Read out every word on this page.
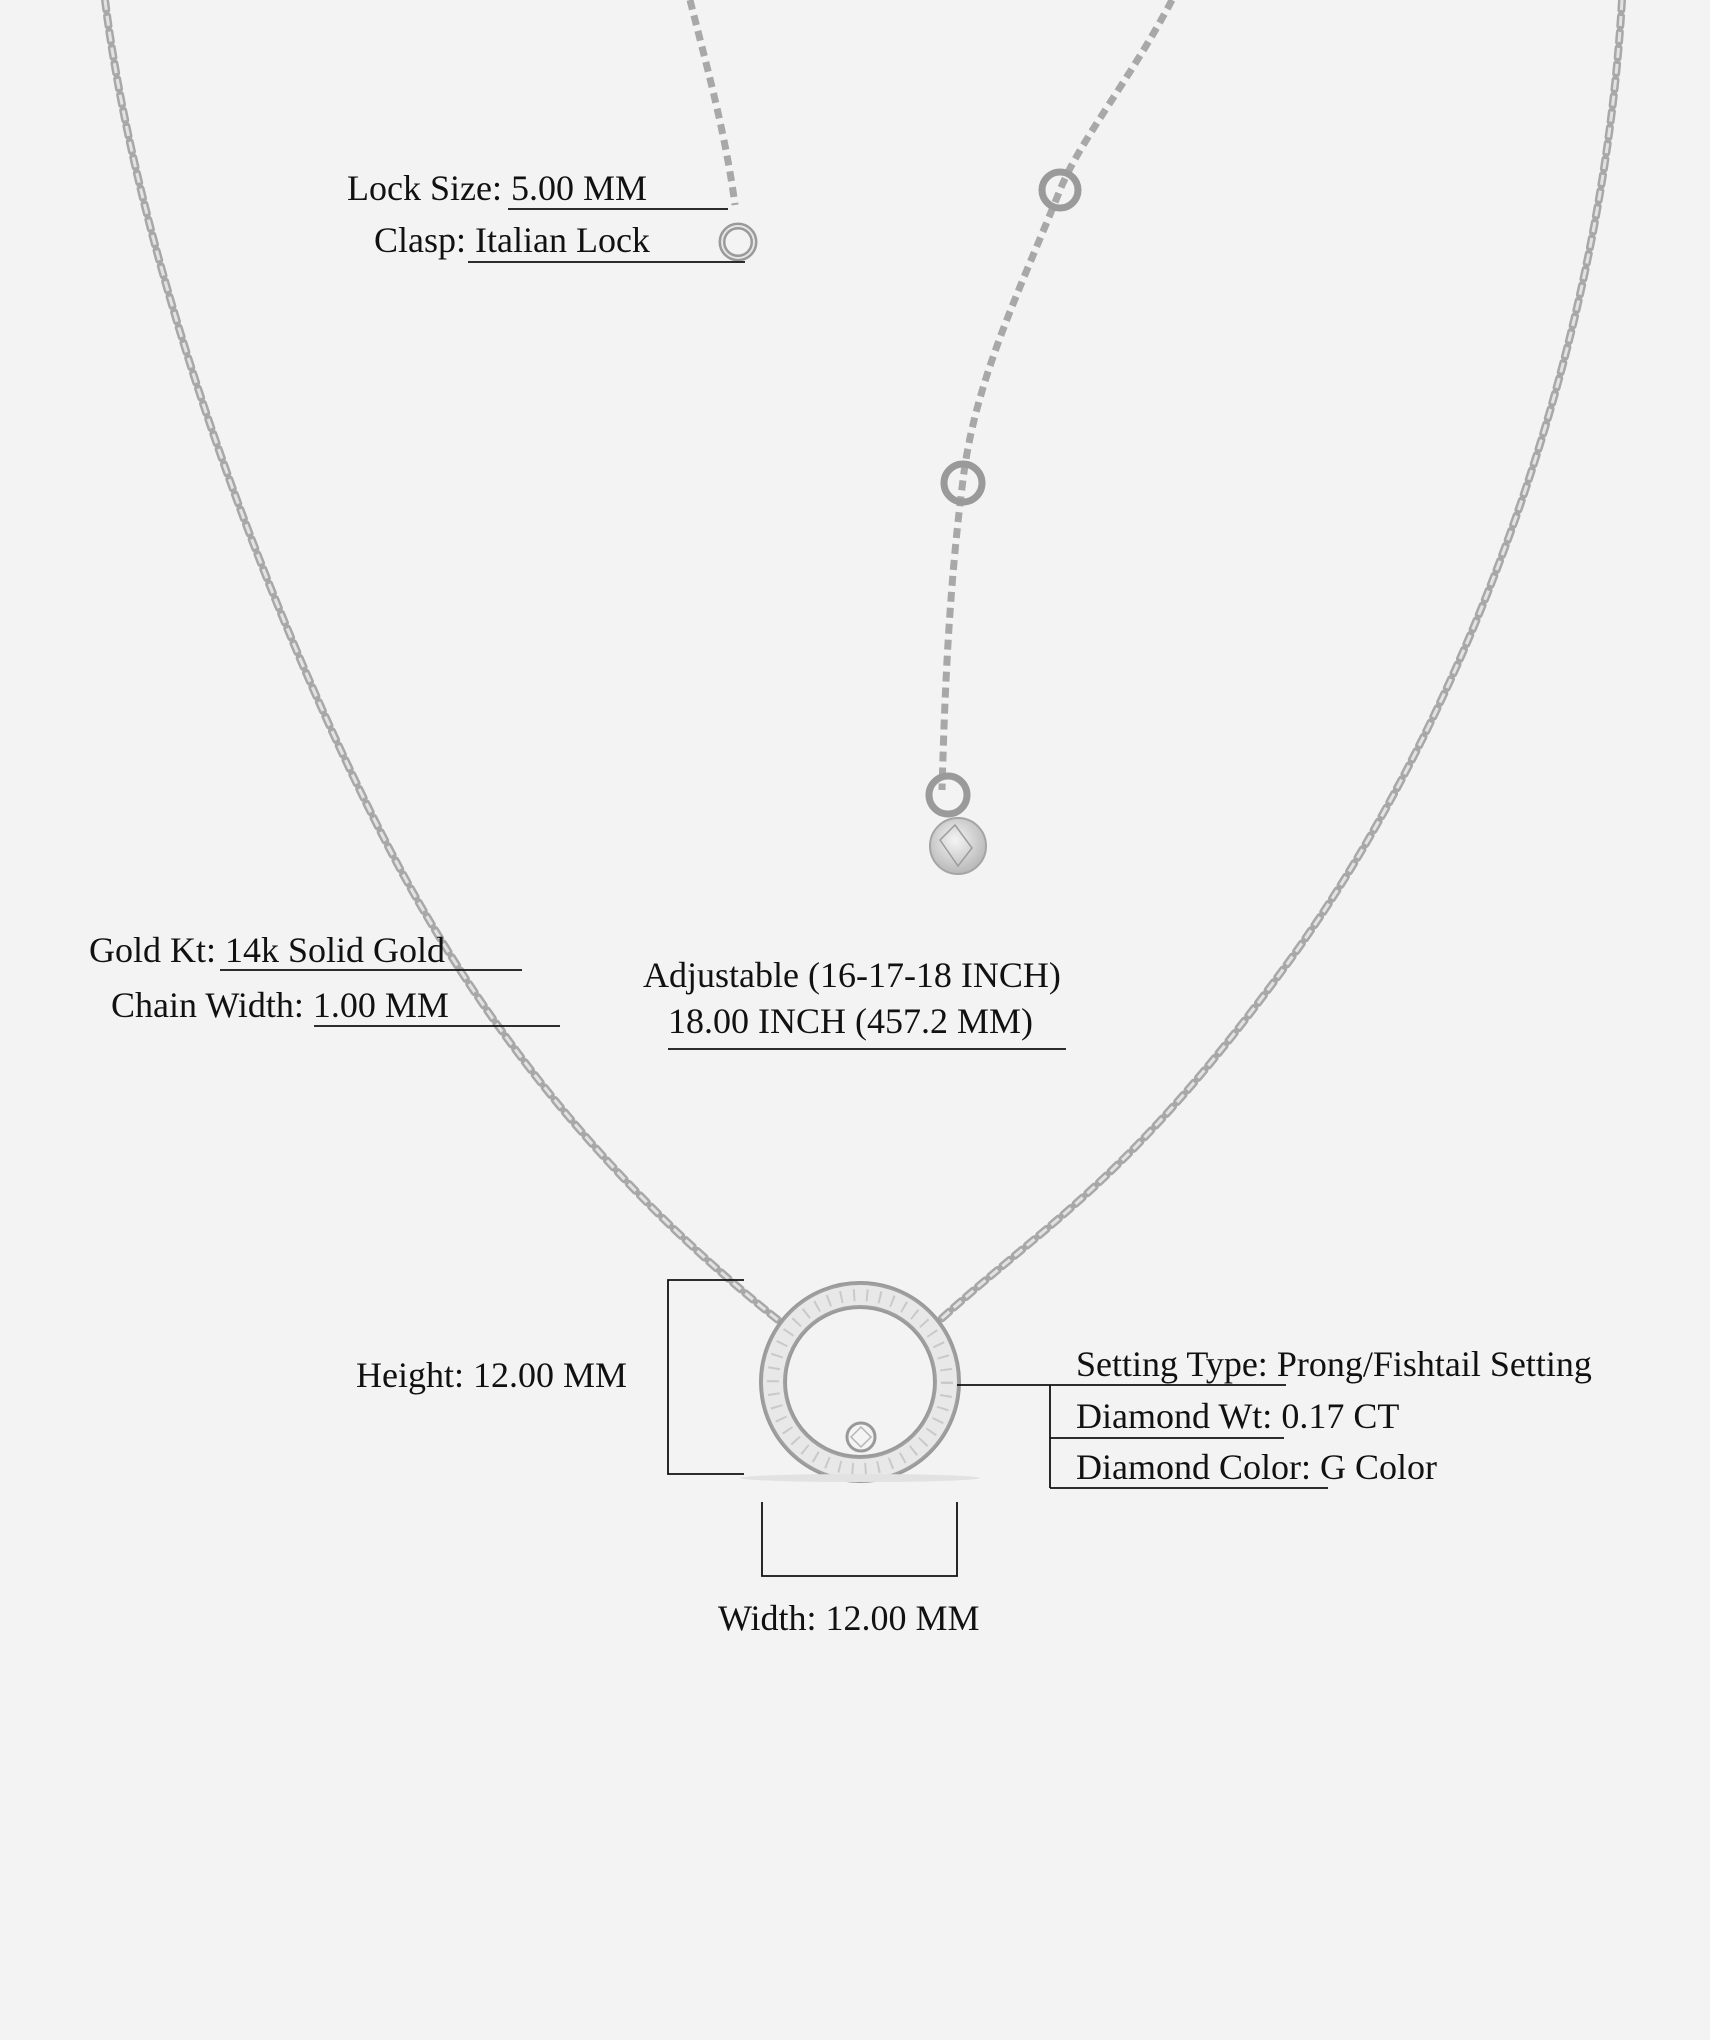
Lock Size: 5.00 MM
Clasp: Italian Lock
Gold Kt: 14k Solid Gold
Chain Width: 1.00 MM
Adjustable (16-17-18 INCH)
18.00 INCH (457.2 MM)
Height: 12.00 MM
Width: 12.00 MM
Setting Type: Prong/Fishtail Setting
Diamond Wt: 0.17 CT
Diamond Color: G Color
